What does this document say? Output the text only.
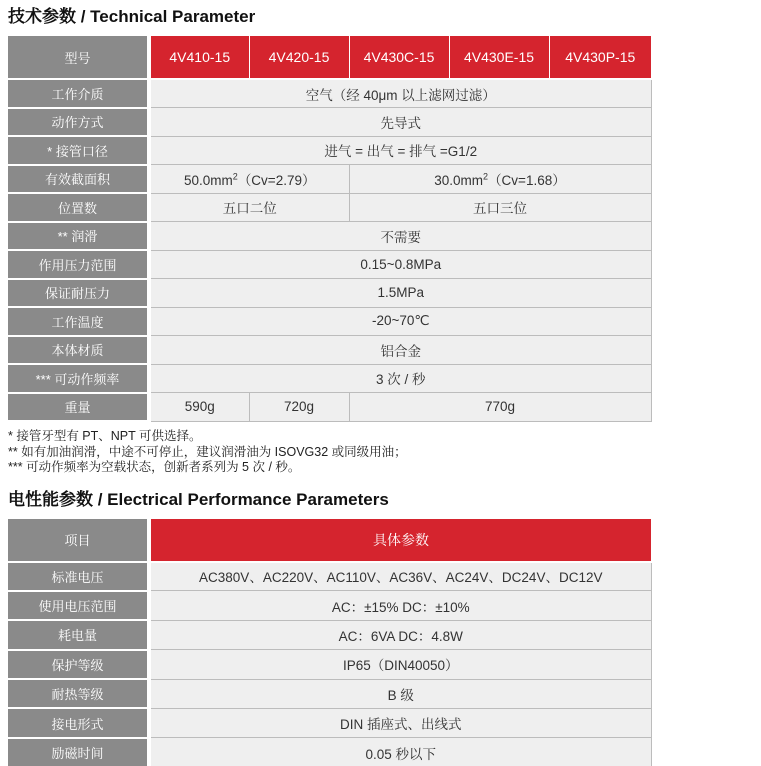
技术参数 / Technical Parameter
型号	4V410-15	4V420-15	4V430C-15	4V430E-15	4V430P-15
工作介质	空气（经 40μm 以上滤网过滤）				
动作方式	先导式				
* 接管口径	进气 = 出气 = 排气 =G1/2				
有效截面积	$50.0mm^2(Cv=2.79)$		$30.0mm^2(Cv=1.68)$		
位置数	五口二位		五口三位		
** 润滑	不需要				
作用压力范围	0.15~0.8MPa				
保证耐压力	1.5MPa				
工作温度	-20~70℃				
本体材质	铝合金				
*** 可动作频率	3 次 / 秒				
重量	590g	720g	770g		

* 接管牙型有 PT、NPT 可供选择。

** 如有加油润滑，中途不可停止，建议润滑油为 ISOVG32 或同级用油；

*** 可动作频率为空载状态，创新者系列为 5 次 / 秒。

电性能参数 / Electrical Performance Parameters
项目	具体参数
标准电压	AC380V、AC220V、AC110V、AC36V、AC24V、DC24V、DC12V
使用电压范围	AC：±15% DC：±10%
耗电量	AC：6VA DC：4.8W
保护等级	IP65（DIN40050）
耐热等级	B 级
接电形式	DIN 插座式、出线式
励磁时间	0.05 秒以下
